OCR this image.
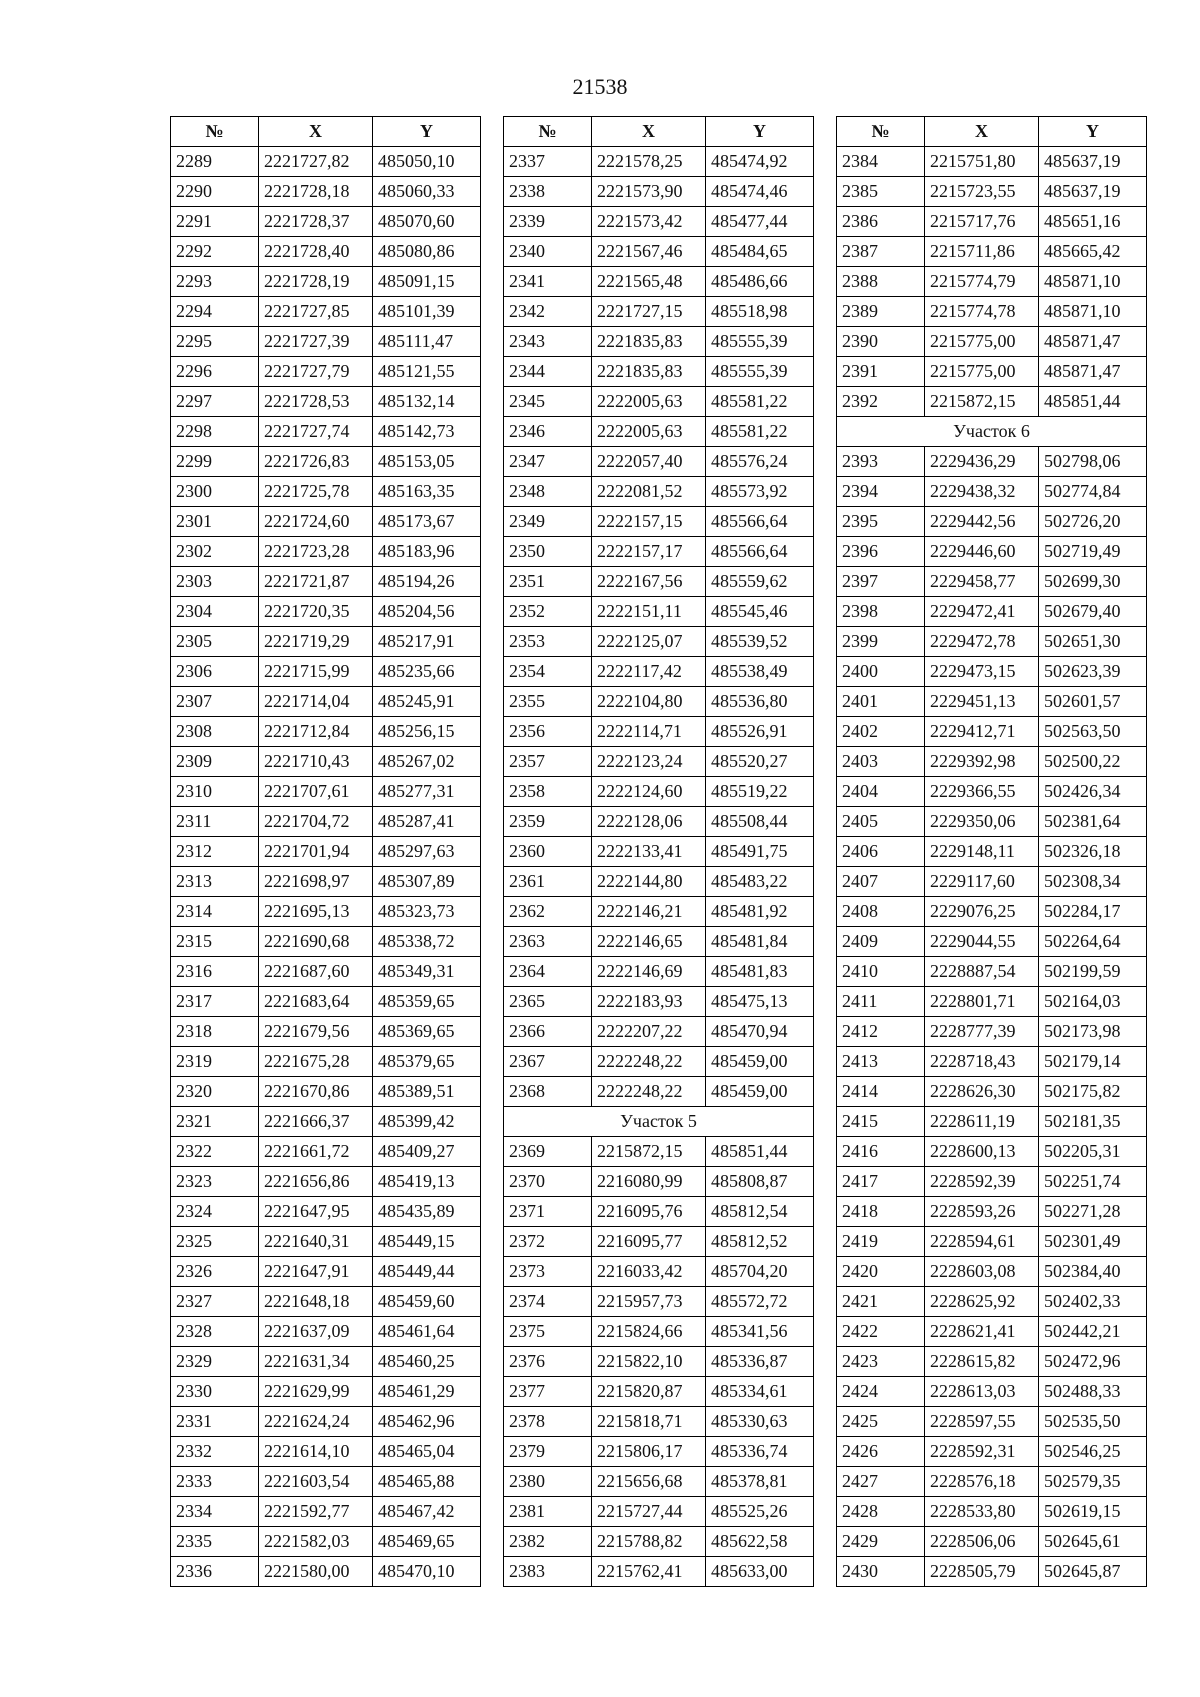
21538
№	X	Y
2289	2221727,82	485050,10
2290	2221728,18	485060,33
2291	2221728,37	485070,60
2292	2221728,40	485080,86
2293	2221728,19	485091,15
2294	2221727,85	485101,39
2295	2221727,39	485111,47
2296	2221727,79	485121,55
2297	2221728,53	485132,14
2298	2221727,74	485142,73
2299	2221726,83	485153,05
2300	2221725,78	485163,35
2301	2221724,60	485173,67
2302	2221723,28	485183,96
2303	2221721,87	485194,26
2304	2221720,35	485204,56
2305	2221719,29	485217,91
2306	2221715,99	485235,66
2307	2221714,04	485245,91
2308	2221712,84	485256,15
2309	2221710,43	485267,02
2310	2221707,61	485277,31
2311	2221704,72	485287,41
2312	2221701,94	485297,63
2313	2221698,97	485307,89
2314	2221695,13	485323,73
2315	2221690,68	485338,72
2316	2221687,60	485349,31
2317	2221683,64	485359,65
2318	2221679,56	485369,65
2319	2221675,28	485379,65
2320	2221670,86	485389,51
2321	2221666,37	485399,42
2322	2221661,72	485409,27
2323	2221656,86	485419,13
2324	2221647,95	485435,89
2325	2221640,31	485449,15
2326	2221647,91	485449,44
2327	2221648,18	485459,60
2328	2221637,09	485461,64
2329	2221631,34	485460,25
2330	2221629,99	485461,29
2331	2221624,24	485462,96
2332	2221614,10	485465,04
2333	2221603,54	485465,88
2334	2221592,77	485467,42
2335	2221582,03	485469,65
2336	2221580,00	485470,10
№	X	Y
2337	2221578,25	485474,92
2338	2221573,90	485474,46
2339	2221573,42	485477,44
2340	2221567,46	485484,65
2341	2221565,48	485486,66
2342	2221727,15	485518,98
2343	2221835,83	485555,39
2344	2221835,83	485555,39
2345	2222005,63	485581,22
2346	2222005,63	485581,22
2347	2222057,40	485576,24
2348	2222081,52	485573,92
2349	2222157,15	485566,64
2350	2222157,17	485566,64
2351	2222167,56	485559,62
2352	2222151,11	485545,46
2353	2222125,07	485539,52
2354	2222117,42	485538,49
2355	2222104,80	485536,80
2356	2222114,71	485526,91
2357	2222123,24	485520,27
2358	2222124,60	485519,22
2359	2222128,06	485508,44
2360	2222133,41	485491,75
2361	2222144,80	485483,22
2362	2222146,21	485481,92
2363	2222146,65	485481,84
2364	2222146,69	485481,83
2365	2222183,93	485475,13
2366	2222207,22	485470,94
2367	2222248,22	485459,00
2368	2222248,22	485459,00
Участок 5		
2369	2215872,15	485851,44
2370	2216080,99	485808,87
2371	2216095,76	485812,54
2372	2216095,77	485812,52
2373	2216033,42	485704,20
2374	2215957,73	485572,72
2375	2215824,66	485341,56
2376	2215822,10	485336,87
2377	2215820,87	485334,61
2378	2215818,71	485330,63
2379	2215806,17	485336,74
2380	2215656,68	485378,81
2381	2215727,44	485525,26
2382	2215788,82	485622,58
2383	2215762,41	485633,00
№	X	Y
2384	2215751,80	485637,19
2385	2215723,55	485637,19
2386	2215717,76	485651,16
2387	2215711,86	485665,42
2388	2215774,79	485871,10
2389	2215774,78	485871,10
2390	2215775,00	485871,47
2391	2215775,00	485871,47
2392	2215872,15	485851,44
Участок 6		
2393	2229436,29	502798,06
2394	2229438,32	502774,84
2395	2229442,56	502726,20
2396	2229446,60	502719,49
2397	2229458,77	502699,30
2398	2229472,41	502679,40
2399	2229472,78	502651,30
2400	2229473,15	502623,39
2401	2229451,13	502601,57
2402	2229412,71	502563,50
2403	2229392,98	502500,22
2404	2229366,55	502426,34
2405	2229350,06	502381,64
2406	2229148,11	502326,18
2407	2229117,60	502308,34
2408	2229076,25	502284,17
2409	2229044,55	502264,64
2410	2228887,54	502199,59
2411	2228801,71	502164,03
2412	2228777,39	502173,98
2413	2228718,43	502179,14
2414	2228626,30	502175,82
2415	2228611,19	502181,35
2416	2228600,13	502205,31
2417	2228592,39	502251,74
2418	2228593,26	502271,28
2419	2228594,61	502301,49
2420	2228603,08	502384,40
2421	2228625,92	502402,33
2422	2228621,41	502442,21
2423	2228615,82	502472,96
2424	2228613,03	502488,33
2425	2228597,55	502535,50
2426	2228592,31	502546,25
2427	2228576,18	502579,35
2428	2228533,80	502619,15
2429	2228506,06	502645,61
2430	2228505,79	502645,87
